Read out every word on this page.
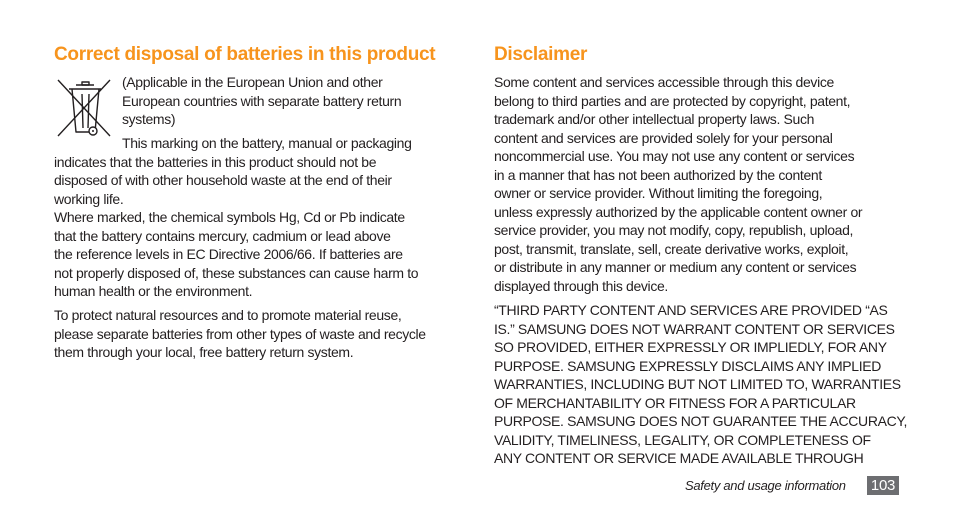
Correct disposal of batteries in this product

(Applicable in the European Union and other

European countries with separate battery return

systems)

This marking on the battery, manual or packaging

indicates that the batteries in this product should not be

disposed of with other household waste at the end of their

working life.

Where marked, the chemical symbols Hg, Cd or Pb indicate

that the battery contains mercury, cadmium or lead above

the reference levels in EC Directive 2006/66. If batteries are

not properly disposed of, these substances can cause harm to

human health or the environment.

To protect natural resources and to promote material reuse,

please separate batteries from other types of waste and recycle

them through your local, free battery return system.

Disclaimer

Some content and services accessible through this device

belong to third parties and are protected by copyright, patent,

trademark and/or other intellectual property laws. Such

content and services are provided solely for your personal

noncommercial use. You may not use any content or services

in a manner that has not been authorized by the content

owner or service provider. Without limiting the foregoing,

unless expressly authorized by the applicable content owner or

service provider, you may not modify, copy, republish, upload,

post, transmit, translate, sell, create derivative works, exploit,

or distribute in any manner or medium any content or services

displayed through this device.

“THIRD PARTY CONTENT AND SERVICES ARE PROVIDED “AS

IS.” SAMSUNG DOES NOT WARRANT CONTENT OR SERVICES

SO PROVIDED, EITHER EXPRESSLY OR IMPLIEDLY, FOR ANY

PURPOSE. SAMSUNG EXPRESSLY DISCLAIMS ANY IMPLIED

WARRANTIES, INCLUDING BUT NOT LIMITED TO, WARRANTIES

OF MERCHANTABILITY OR FITNESS FOR A PARTICULAR

PURPOSE. SAMSUNG DOES NOT GUARANTEE THE ACCURACY,

VALIDITY, TIMELINESS, LEGALITY, OR COMPLETENESS OF

ANY CONTENT OR SERVICE MADE AVAILABLE THROUGH

Safety and usage information 103
